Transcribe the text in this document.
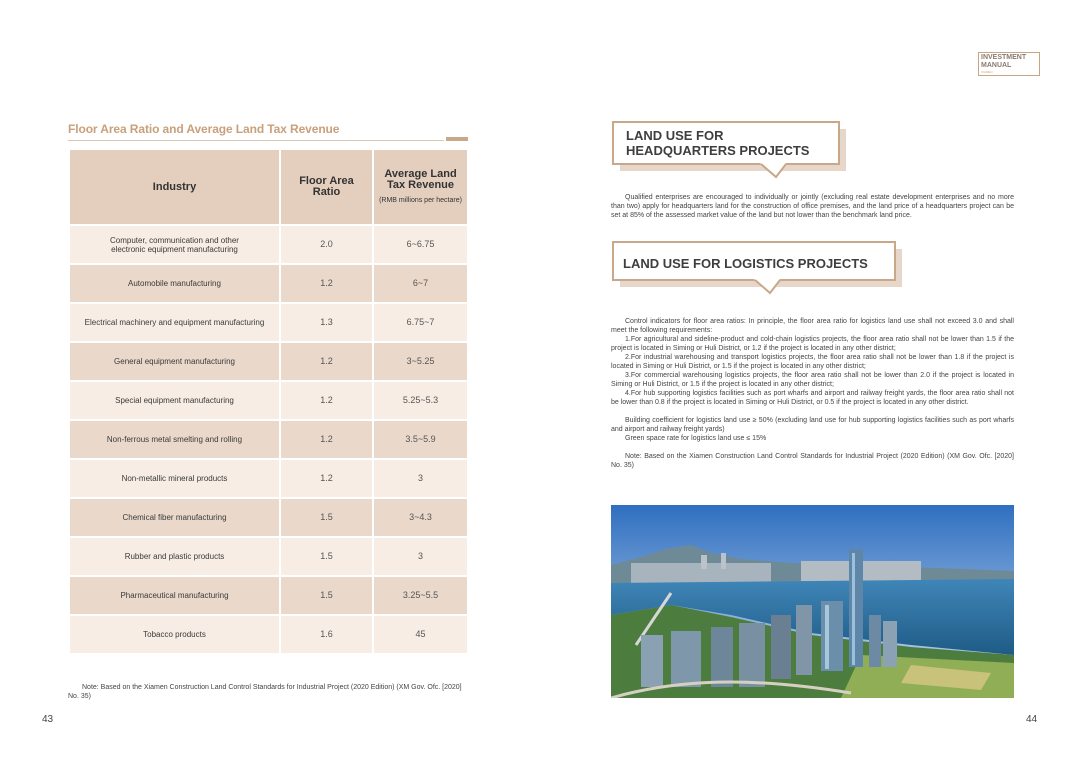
Floor Area Ratio and Average Land Tax Revenue
Industry	Floor Area Ratio	Average Land Tax Revenue
(RMB millions per hectare)

Computer, communication and other electronic equipment manufacturing	2.0	6~6.75
Automobile manufacturing	1.2	6~7
Electrical machinery and equipment manufacturing	1.3	6.75~7
General equipment manufacturing	1.2	3~5.25
Special equipment manufacturing	1.2	5.25~5.3
Non-ferrous metal smelting and rolling	1.2	3.5~5.9
Non-metallic mineral products	1.2	3
Chemical fiber manufacturing	1.5	3~4.3
Rubber and plastic products	1.5	3
Pharmaceutical manufacturing	1.5	3.25~5.5
Tobacco products	1.6	45
Note: Based on the Xiamen Construction Land Control Standards for Industrial Project (2020 Edition) (XM Gov. Ofc. [2020] No. 35)
43
INVESTMENT
MANUAL
XIAMEN
LAND USE FOR
HEADQUARTERS PROJECTS

Qualified enterprises are encouraged to individually or jointly (excluding real estate development enterprises and no more than two) apply for headquarters land for the construction of office premises, and the land price of a headquarters project can be set at 85% of the assessed market value of the land but not lower than the benchmark land price.

LAND USE FOR LOGISTICS PROJECTS

Control indicators for floor area ratios: In principle, the floor area ratio for logistics land use shall not exceed 3.0 and shall meet the following requirements:

1.For agricultural and sideline-product and cold-chain logistics projects, the floor area ratio shall not be lower than 1.5 if the project is located in Siming or Huli District, or 1.2 if the project is located in any other district;

2.For industrial warehousing and transport logistics projects, the floor area ratio shall not be lower than 1.8 if the project is located in Siming or Huli District, or 1.5 if the project is located in any other district;

3.For commercial warehousing logistics projects, the floor area ratio shall not be lower than 2.0 if the project is located in Siming or Huli District, or 1.5 if the project is located in any other district;

4.For hub supporting logistics facilities such as port wharfs and airport and railway freight yards, the floor area ratio shall not be lower than 0.8 if the project is located in Siming or Huli District, or 0.5 if the project is located in any other district.

Building coefficient for logistics land use ≥ 50% (excluding land use for hub supporting logistics facilities such as port wharfs and airport and railway freight yards)

Green space rate for logistics land use ≤ 15%

Note: Based on the Xiamen Construction Land Control Standards for Industrial Project (2020 Edition) (XM Gov. Ofc. [2020] No. 35)

44
